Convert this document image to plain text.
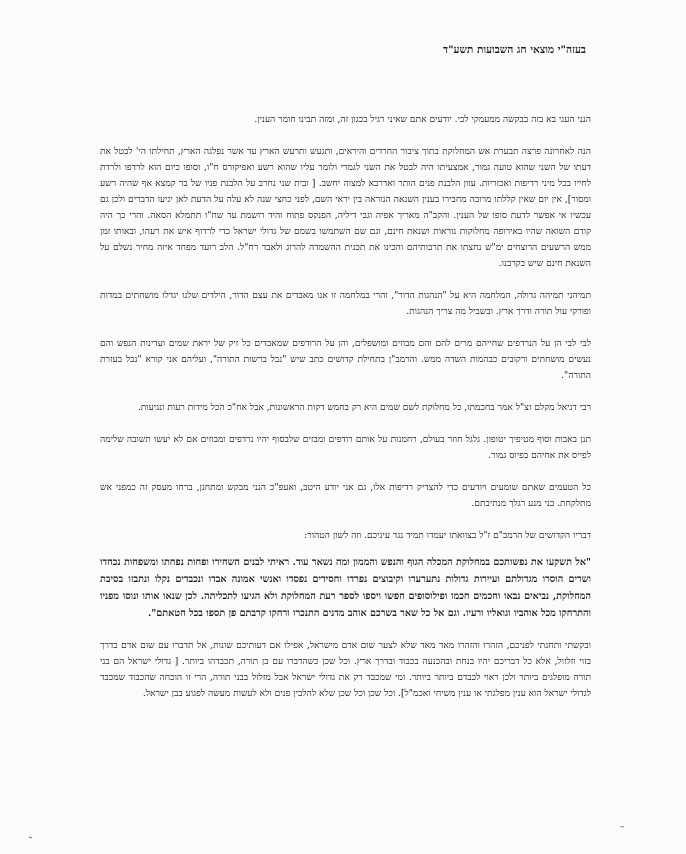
בעזה"י מוצאי חג השבועות תשע"ד

הנני העני בא בזה בבקשה ממעמקי לבי. יודעים אתם שאיני רגיל בכגון זה, ומזה תבינו חומר הענין.

הנה לאחרונה פרצה תבערת אש המחלוקת בתוך ציבור החרדים והיראים, ותגעש ותרעש הארץ עד אשר נפלגה הארץ, תחילתו הי' לבטל את דעתו של השני שהוא טועה גמור, אמצעיתו היה לבטל את השני לגמרי ולומר עליו שהוא רשע ואפיקורס ח"ו, וסופו כיום הוא לרדפו ולרדת לחייו בכל מיני רדיפות ואכזריות. עוון הלבנת פנים הותר ואדרבא למצוה יחשב. [ ובית שני נחרב על הלבנת פניו של בר קמצא אף שהיה רשע ומסור], אין יום שאין קללתו מרובה מחבירו בענין השנאה הנוראה בין יראי השם, לפני כחצי שנה לא עלה על הדעת לאן יגיעו הדברים ולכן גם עכשיו אי אפשר לדעת סופו של הענין. והקב"ה מאריך אפיה וגבי דיליה, הפנקס פתוח והיד רושמת עד שח"ו תתמלא הסאה. והרי כך היה קודם השואה שהיו באירופה מחלוקות נוראות ושנאת חינם, וגם שם השתמשו בשמם של גדולי ישראל כדי לרדוף איש את רעהו, ובאותו זמן ממש הרשעים הרוצחים ימ"ש נחצתו את תרבותיהם והכינו את תכנית ההשמדה להרוג ולאבד רח"ל. הלב רועד מפחד איזה מחיר נשלם על השנאת חינם שיש בקרבנו.

תמיהני תמיהה גדולה, המלחמה היא על "הנהגות הדור", והרי במלחמה זו אנו מאבדים את עצם הדור, הילדים שלנו יגדלו מושחתים במדות ופורקי עול תורה ודרך ארץ. ובשביל מה צריך הנהגות.

לבי לבי הן על הנרדפים שחייהם מרים להם והם מבוזים ומושפלים, והן על הרודפים שמאבדים כל זיק של יראת שמים ועדינות הנפש והם נעשים מושחתים ורקובים כבהמות השדה ממש. והרמב"ן בתחילת קדושים כתב שיש "נבל ברשות התורה", ועליהם אני קורא "נבל בעזרת התורה".

רבי דניאל מקלם זצ"ל אמר בחכמתו, כל מחלוקת לשם שמים היא רק בחמש דקות הראשונות, אבל אח"כ הכל מידות רעות ונגיעות.

תנן באבות וסוף מטיפיך יטופון. גלגל חוזר בעולם, רחמנות על אותם רודפים ומבזים שלבסוף יהיו נרדפים ומבוזים אם לא יעשו תשובה שלימה לפייס את אחיהם בפיוס גמור.

כל הטעמים שאתם שומעים ויודעים כדי להצדיק רדיפות אלו, גם אני יודע היטב, ואעפ"כ הנני מבקש ומתחנן, ברחו מעסק זה כמפני אש מתלקחת. בני מנע רגלך מנתיבתם.

דבריו הקדושים של הרמב"ם ז"ל בצוואתו יעמדו תמיד נגד עיניכם. וזה לשון הטהור:

"אל תשקעו את נפשותכם במחלוקת המכלה הגוף והנפש והממון ומה נשאר עוד. ראיתי לבנים השחירו ופחות נפחתו ומשפחות נכחדו ושרים הוסרו מגדולתם ועיירות גדולות נתערערו וקיבוצים נפרדו וחסידים נפסדו ואנשי אמונה אבדו ונכבדים נקלו ונתבזו בסיבת המחלוקת, נביאים נבאו וחכמים חכמו ופילוסופים חפשו ויספו לספר רעת המחלוקת ולא הגיעו לתכליתה. לכן שנאו אותו ונוסו מפניו והתרחקו מכל אוהביו וגואליו ורעיו. וגם אל כל שאר בשרכם אוהב מדנים התנכרו ורחקו קרבתם פן תספו בכל חטאתם".

ובקשתי ותחנתי לפניכם, הזהרו והזהרו מאד מאד שלא לצער שום אדם מישראל, אפילו אם דעותיכם שונות, אל תדברו עם שום אדם בדרך בזוי וזלזול, אלא כל דבריכם יהיו בנחת ובהכנעה בכבוד ובדרך ארץ. וכל שכן כשהדברו עם בן תורה, תכבדהו ביותר. [ גדולי ישראל הם בני תורה מופלגים ביותר ולכן ראוי לכבדם ביותר ביותר. ומי שמכבד רק את גדולי ישראל אבל מזלזל בבני תורה, הרי זו הוכחה שהכבוד שמכבד לגדולי ישראל הוא ענין מפלגתי או ענין משיחי ואכמ"ל]. וכל שכן וכל שכן שלא להלבין פנים ולא לעשות מעשה לפגוע בבן ישראל.

–
–
